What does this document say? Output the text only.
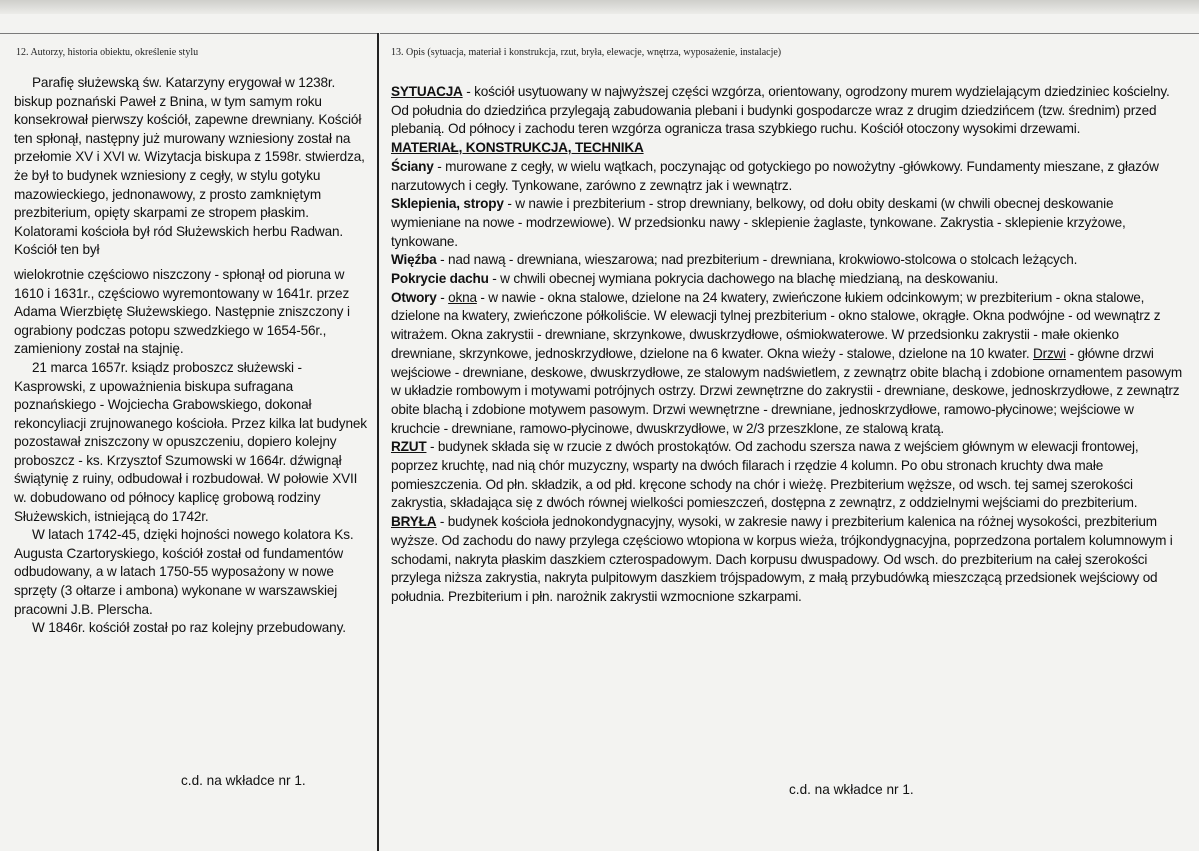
12. Autorzy, historia obiektu, określenie stylu	13. Opis (sytuacja, materiał i konstrukcja, rzut, bryła, elewacje, wnętrza, wyposażenie, instalacje)

Parafię służewską św. Katarzyny erygował w 1238r. biskup poznański Paweł z Bnina, w tym samym roku konsekrował pierwszy kościół, zapewne drewniany. Kościół ten spłonął, następny już murowany wzniesiony został na przełomie XV i XVI w. Wizytacja biskupa z 1598r. stwierdza, że był to budynek wzniesiony z cegły, w stylu gotyku mazowieckiego, jednonawowy, z prosto zamkniętym prezbiterium, opięty skarpami ze stropem płaskim. Kolatorami kościoła był ród Służewskich herbu Radwan. Kościół ten był

wielokrotnie częściowo niszczony - spłonął od pioruna w 1610 i 1631r., częściowo wyremontowany w 1641r. przez Adama Wierzbiętę Służewskiego. Następnie zniszczony i ograbiony podczas potopu szwedzkiego w 1654-56r., zamieniony został na stajnię.

21 marca 1657r. ksiądz proboszcz służewski - Kasprowski, z upoważnienia biskupa sufragana poznańskiego - Wojciecha Grabowskiego, dokonał rekoncyliacji zrujnowanego kościoła. Przez kilka lat budynek pozostawał zniszczony w opuszczeniu, dopiero kolejny proboszcz - ks. Krzysztof Szumowski w 1664r. dźwignął świątynię z ruiny, odbudował i rozbudował. W połowie XVII w. dobudowano od północy kaplicę grobową rodziny Służewskich, istniejącą do 1742r.

W latach 1742-45, dzięki hojności nowego kolatora Ks. Augusta Czartoryskiego, kościół został od fundamentów odbudowany, a w latach 1750-55 wyposażony w nowe sprzęty (3 ołtarze i ambona) wykonane w warszawskiej pracowni J.B. Plerscha.

W 1846r. kościół został po raz kolejny przebudowany.

c.d. na wkładce nr 1.

SYTUACJA - kościół usytuowany w najwyższej części wzgórza, orientowany, ogrodzony murem wydzielającym dziedziniec kościelny. Od południa do dziedzińca przylegają zabudowania plebani i budynki gospodarcze wraz z drugim dziedzińcem (tzw. średnim) przed plebanią. Od północy i zachodu teren wzgórza ogranicza trasa szybkiego ruchu. Kościół otoczony wysokimi drzewami.

MATERIAŁ, KONSTRUKCJA, TECHNIKA

Ściany - murowane z cegły, w wielu wątkach, poczynając od gotyckiego po nowożytny -główkowy. Fundamenty mieszane, z głazów narzutowych i cegły. Tynkowane, zarówno z zewnątrz jak i wewnątrz.

Sklepienia, stropy - w nawie i prezbiterium - strop drewniany, belkowy, od dołu obity deskami (w chwili obecnej deskowanie wymieniane na nowe - modrzewiowe). W przedsionku nawy - sklepienie żaglaste, tynkowane. Zakrystia - sklepienie krzyżowe, tynkowane.

Więźba - nad nawą - drewniana, wieszarowa; nad prezbiterium - drewniana, krokwiowo-stolcowa o stolcach leżących.

Pokrycie dachu - w chwili obecnej wymiana pokrycia dachowego na blachę miedzianą, na deskowaniu.

Otwory - okna - w nawie - okna stalowe, dzielone na 24 kwatery, zwieńczone łukiem odcinkowym; w prezbiterium - okna stalowe, dzielone na kwatery, zwieńczone półkoliście. W elewacji tylnej prezbiterium - okno stalowe, okrągłe. Okna podwójne - od wewnątrz z witrażem. Okna zakrystii - drewniane, skrzynkowe, dwuskrzydłowe, ośmiokwaterowe. W przedsionku zakrystii - małe okienko drewniane, skrzynkowe, jednoskrzydłowe, dzielone na 6 kwater. Okna wieży - stalowe, dzielone na 10 kwater. Drzwi - główne drzwi wejściowe - drewniane, deskowe, dwuskrzydłowe, ze stalowym nadświetlem, z zewnątrz obite blachą i zdobione ornamentem pasowym w układzie rombowym i motywami potrójnych ostrzy. Drzwi zewnętrzne do zakrystii - drewniane, deskowe, jednoskrzydłowe, z zewnątrz obite blachą i zdobione motywem pasowym. Drzwi wewnętrzne - drewniane, jednoskrzydłowe, ramowo-płycinowe; wejściowe w kruchcie - drewniane, ramowo-płycinowe, dwuskrzydłowe, w 2/3 przeszklone, ze stalową kratą.

RZUT - budynek składa się w rzucie z dwóch prostokątów. Od zachodu szersza nawa z wejściem głównym w elewacji frontowej, poprzez kruchtę, nad nią chór muzyczny, wsparty na dwóch filarach i rzędzie 4 kolumn. Po obu stronach kruchty dwa małe pomieszczenia. Od płn. składzik, a od płd. kręcone schody na chór i wieżę. Prezbiterium węższe, od wsch. tej samej szerokości zakrystia, składająca się z dwóch równej wielkości pomieszczeń, dostępna z zewnątrz, z oddzielnymi wejściami do prezbiterium.

BRYŁA - budynek kościoła jednokondygnacyjny, wysoki, w zakresie nawy i prezbiterium kalenica na różnej wysokości, prezbiterium wyższe. Od zachodu do nawy przylega częściowo wtopiona w korpus wieża, trójkondygnacyjna, poprzedzona portalem kolumnowym i schodami, nakryta płaskim daszkiem czterospadowym. Dach korpusu dwuspadowy. Od wsch. do prezbiterium na całej szerokości przylega niższa zakrystia, nakryta pulpitowym daszkiem trójspadowym, z małą przybudówką mieszczącą przedsionek wejściowy od południa. Prezbiterium i płn. narożnik zakrystii wzmocnione szkarpami.

c.d. na wkładce nr 1.
